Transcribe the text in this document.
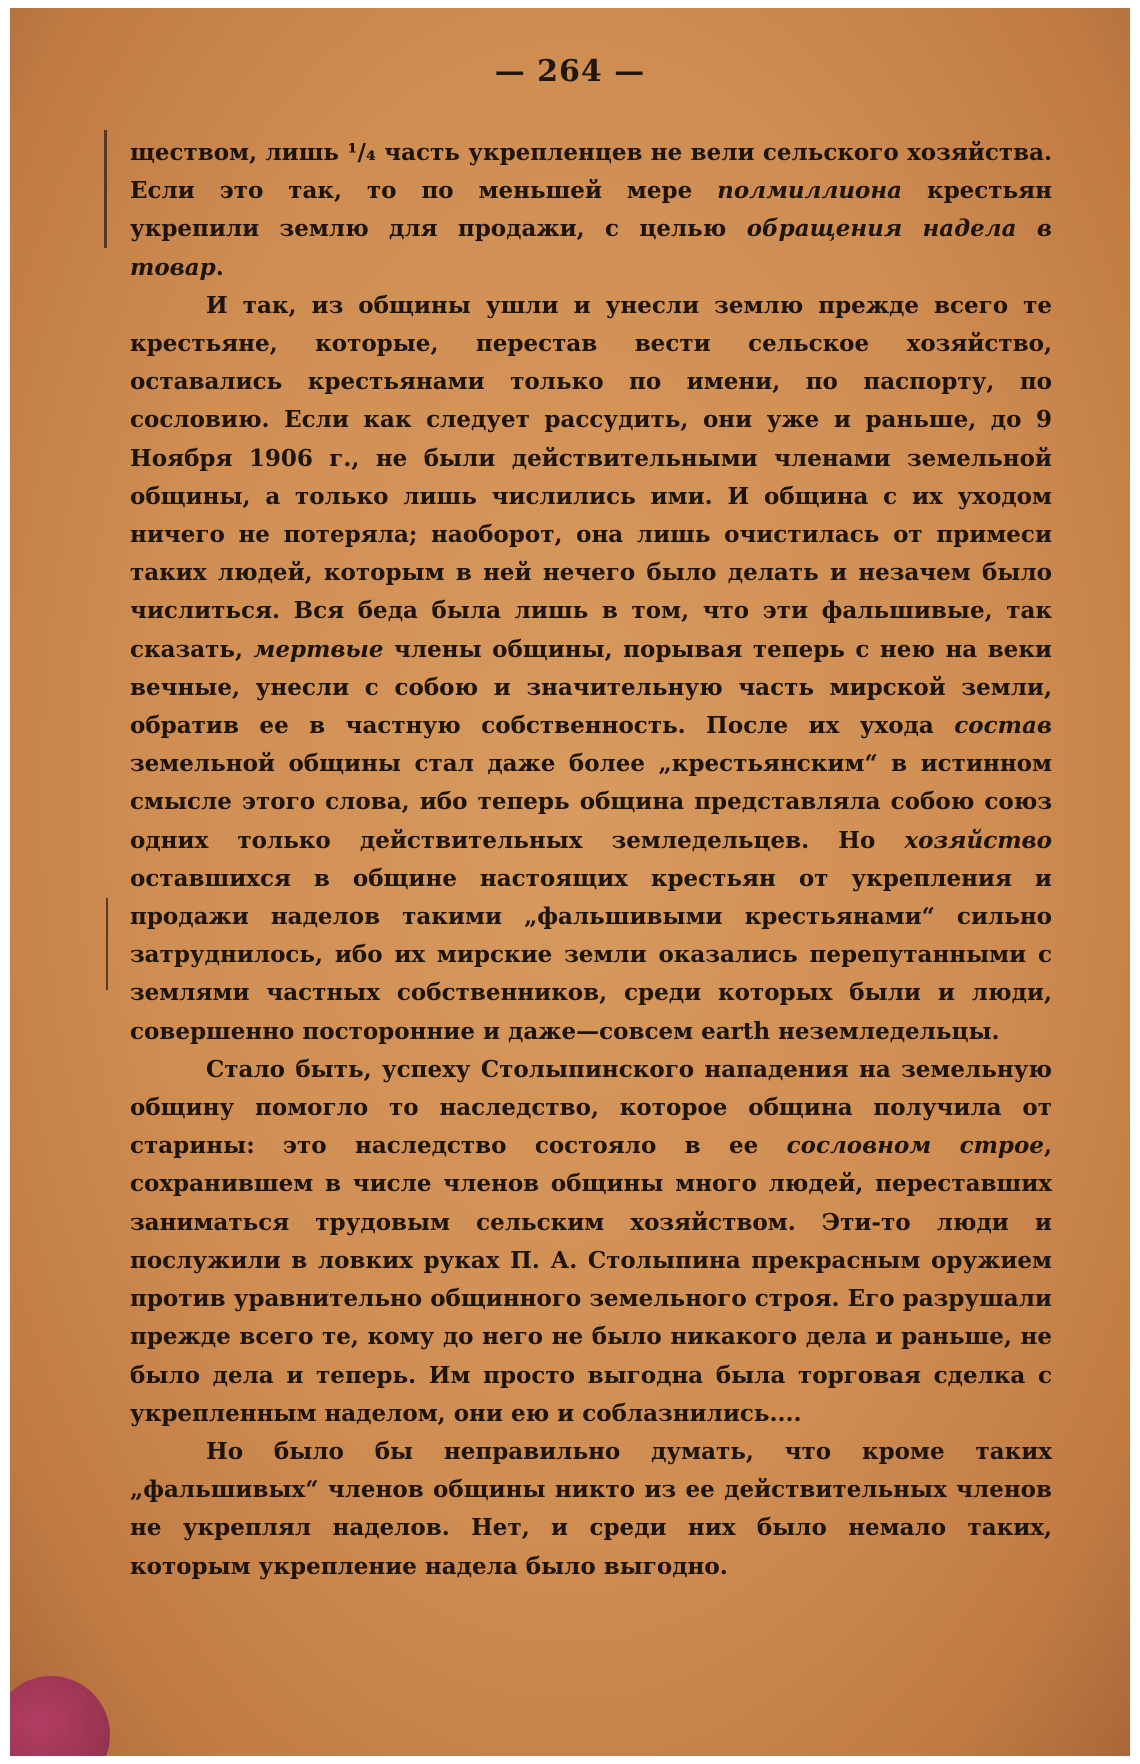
— 264 —

ществом, лишь ¹/₄ часть укрепленцев не вели сельского хозяйства. Если это так, то по меньшей мере полмиллиона крестьян укрепили землю для продажи, с целью обращения надела в товар.

И так, из общины ушли и унесли землю прежде всего те крестьяне, которые, перестав вести сельское хозяйство, оставались крестьянами только по имени, по паспорту, по сословию. Если как следует рассудить, они уже и раньше, до 9 Ноября 1906 г., не были действительными членами земельной общины, а только лишь числились ими. И община с их уходом ничего не потеряла; наоборот, она лишь очистилась от примеси таких людей, которым в ней нечего было делать и незачем было числиться. Вся беда была лишь в том, что эти фальшивые, так сказать, мертвые члены общины, порывая теперь с нею на веки вечные, унесли с собою и значительную часть мирской земли, обратив ее в частную собственность. После их ухода состав земельной общины стал даже более „крестьянским“ в истинном смысле этого слова, ибо теперь община представляла собою союз одних только действительных земледельцев. Но хозяйство оставшихся в общине настоящих крестьян от укрепления и продажи наделов такими „фальшивыми крестьянами“ сильно затруднилось, ибо их мирские земли оказались перепутанными с землями частных собственников, среди которых были и люди, совершенно посторонние и даже—совсем earth неземледельцы.

Стало быть, успеху Столыпинского нападения на земельную общину помогло то наследство, которое община получила от старины: это наследство состояло в ее сословном строе, сохранившем в числе членов общины много людей, переставших заниматься трудовым сельским хозяйством. Эти-то люди и послужили в ловких руках П. А. Столыпина прекрасным оружием против уравнительно общинного земельного строя. Его разрушали прежде всего те, кому до него не было никакого дела и раньше, не было дела и теперь. Им просто выгодна была торговая сделка с укрепленным наделом, они ею и соблазнились....

Но было бы неправильно думать, что кроме таких „фальшивых“ членов общины никто из ее действительных членов не укреплял наделов. Нет, и среди них было немало таких, которым укрепление надела было выгодно.
